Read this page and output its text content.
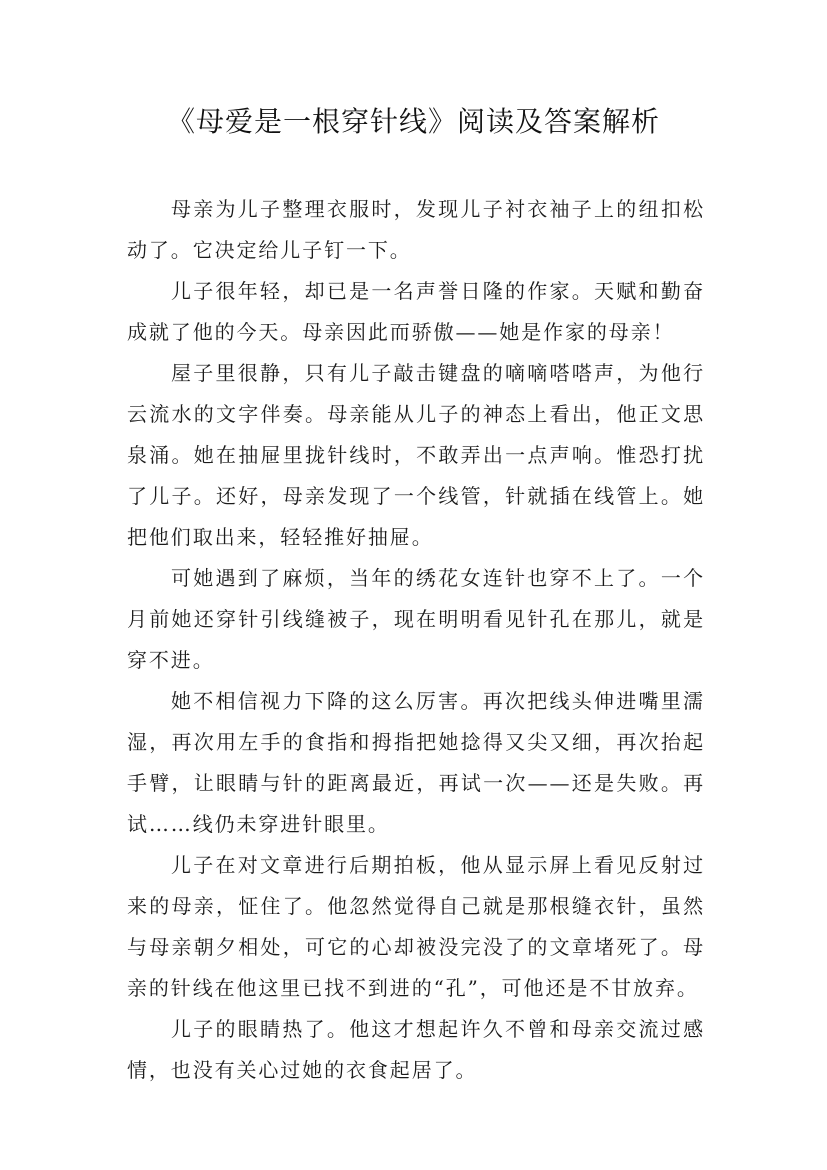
《母爱是一根穿针线》阅读及答案解析

母亲为儿子整理衣服时，发现儿子衬衣袖子上的纽扣松动了。它决定给儿子钉一下。

儿子很年轻，却已是一名声誉日隆的作家。天赋和勤奋成就了他的今天。母亲因此而骄傲——她是作家的母亲！

屋子里很静，只有儿子敲击键盘的嘀嘀嗒嗒声，为他行云流水的文字伴奏。母亲能从儿子的神态上看出，他正文思泉涌。她在抽屉里拢针线时，不敢弄出一点声响。惟恐打扰了儿子。还好，母亲发现了一个线管，针就插在线管上。她把他们取出来，轻轻推好抽屉。

可她遇到了麻烦，当年的绣花女连针也穿不上了。一个月前她还穿针引线缝被子，现在明明看见针孔在那儿，就是穿不进。

她不相信视力下降的这么厉害。再次把线头伸进嘴里濡湿，再次用左手的食指和拇指把她捻得又尖又细，再次抬起手臂，让眼睛与针的距离最近，再试一次——还是失败。再试……线仍未穿进针眼里。

儿子在对文章进行后期拍板，他从显示屏上看见反射过来的母亲，怔住了。他忽然觉得自己就是那根缝衣针，虽然与母亲朝夕相处，可它的心却被没完没了的文章堵死了。母亲的针线在他这里已找不到进的“孔”，可他还是不甘放弃。

儿子的眼睛热了。他这才想起许久不曾和母亲交流过感情，也没有关心过她的衣食起居了。
